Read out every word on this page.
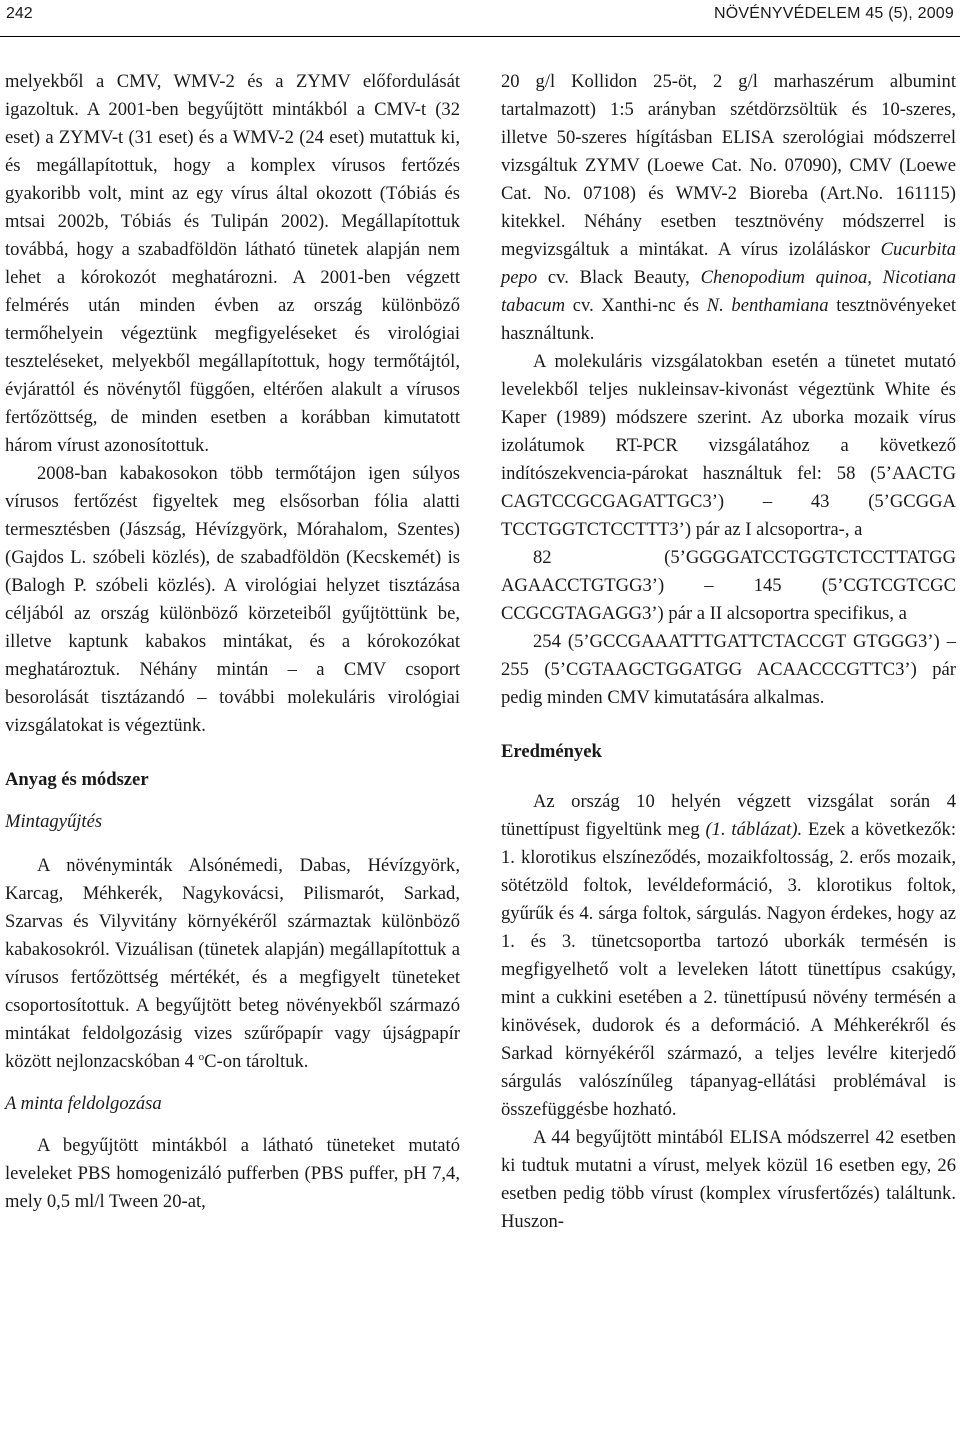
242	NÖVÉNYVÉDELEM 45 (5), 2009

melyekből a CMV, WMV-2 és a ZYMV előfordulását igazoltuk. A 2001-ben begyűjtött mintákból a CMV-t (32 eset) a ZYMV-t (31 eset) és a WMV-2 (24 eset) mutattuk ki, és megállapítottuk, hogy a komplex vírusos fertőzés gyakoribb volt, mint az egy vírus által okozott (Tóbiás és mtsai 2002b, Tóbiás és Tulipán 2002). Megállapítottuk továbbá, hogy a szabadföldön látható tünetek alapján nem lehet a kórokozót meghatározni. A 2001-ben végzett felmérés után minden évben az ország különböző termőhelyein végeztünk megfigyeléseket és virológiai teszteléseket, melyekből megállapítottuk, hogy termőtájtól, évjárattól és növénytől függően, eltérően alakult a vírusos fertőzöttség, de minden esetben a korábban kimutatott három vírust azonosítottuk.

2008-ban kabakosokon több termőtájon igen súlyos vírusos fertőzést figyeltek meg elsősorban fólia alatti termesztésben (Jászság, Hévízgyörk, Mórahalom, Szentes) (Gajdos L. szóbeli közlés), de szabadföldön (Kecskemét) is (Balogh P. szóbeli közlés). A virológiai helyzet tisztázása céljából az ország különböző körzeteiből gyűjtöttünk be, illetve kaptunk kabakos mintákat, és a kórokozókat meghatároztuk. Néhány mintán – a CMV csoport besorolását tisztázandó – további molekuláris virológiai vizsgálatokat is végeztünk.

Anyag és módszer

Mintagyűjtés

A növényminták Alsónémedi, Dabas, Hévízgyörk, Karcag, Méhkerék, Nagykovácsi, Pilismarót, Sarkad, Szarvas és Vilyvitány környékéről származtak különböző kabakosokról. Vizuálisan (tünetek alapján) megállapítottuk a vírusos fertőzöttség mértékét, és a megfigyelt tüneteket csoportosítottuk. A begyűjtött beteg növényekből származó mintákat feldolgozásig vizes szűrőpapír vagy újságpapír között nejlonzacskóban 4 $^o$C-on tároltuk.

A minta feldolgozása

A begyűjtött mintákból a látható tüneteket mutató leveleket PBS homogenizáló pufferben (PBS puffer, pH 7,4, mely 0,5 ml/l Tween 20-at,

20 g/l Kollidon 25-öt, 2 g/l marhaszérum albumint tartalmazott) 1:5 arányban szétdörzsöltük és 10-szeres, illetve 50-szeres hígításban ELISA szerológiai módszerrel vizsgáltuk ZYMV (Loewe Cat. No. 07090), CMV (Loewe Cat. No. 07108) és WMV-2 Bioreba (Art.No. 161115) kitekkel. Néhány esetben tesztnövény módszerrel is megvizsgáltuk a mintákat. A vírus izoláláskor Cucurbita pepo cv. Black Beauty, Chenopodium quinoa, Nicotiana tabacum cv. Xanthi-nc és N. benthamiana tesztnövényeket használtunk.

A molekuláris vizsgálatokban esetén a tünetet mutató levelekből teljes nukleinsav-kivonást végeztünk White és Kaper (1989) módszere szerint. Az uborka mozaik vírus izolátumok RT-PCR vizsgálatához a következő indítószekvencia-párokat használtuk fel: 58 (5’AACTG CAGTCCGCGAGATTGC3’) – 43 (5’GCGGA TCCTGGTCTCCTTT3’) pár az I alcsoportra-, a

82 (5’GGGGATCCTGGTCTCCTTATGG AGAACCTGTGG3’) – 145 (5’CGTCGTCGC CCGCGTAGAGG3’) pár a II alcsoportra specifikus, a

254 (5’GCCGAAATTTGATTCTACCGT GTGGG3’) – 255 (5’CGTAAGCTGGATGG ACAACCCGTTC3’) pár pedig minden CMV kimutatására alkalmas.

Eredmények

Az ország 10 helyén végzett vizsgálat során 4 tünettípust figyeltünk meg (1. táblázat). Ezek a következők: 1. klorotikus elszíneződés, mozaikfoltosság, 2. erős mozaik, sötétzöld foltok, levéldeformáció, 3. klorotikus foltok, gyűrűk és 4. sárga foltok, sárgulás. Nagyon érdekes, hogy az 1. és 3. tünetcsoportba tartozó uborkák termésén is megfigyelhető volt a leveleken látott tünettípus csakúgy, mint a cukkini esetében a 2. tünettípusú növény termésén a kinövések, dudorok és a deformáció. A Méhkerékről és Sarkad környékéről származó, a teljes levélre kiterjedő sárgulás valószínűleg tápanyag-ellátási problémával is összefüggésbe hozható.

A 44 begyűjtött mintából ELISA módszerrel 42 esetben ki tudtuk mutatni a vírust, melyek közül 16 esetben egy, 26 esetben pedig több vírust (komplex vírusfertőzés) találtunk. Huszon-
